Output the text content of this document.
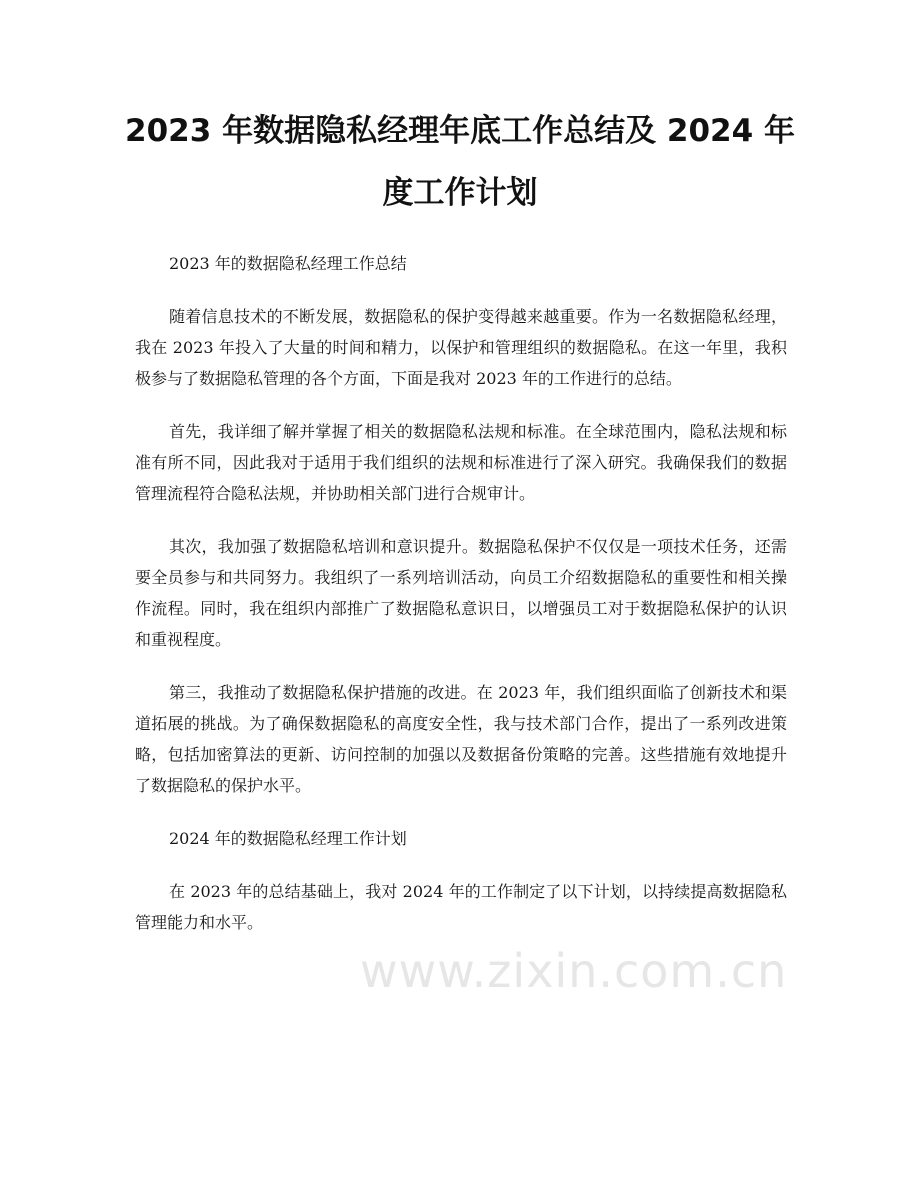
2023 年数据隐私经理年底工作总结及 2024 年度工作计划

2023 年的数据隐私经理工作总结

随着信息技术的不断发展，数据隐私的保护变得越来越重要。作为一名数据隐私经理，我在 2023 年投入了大量的时间和精力，以保护和管理组织的数据隐私。在这一年里，我积极参与了数据隐私管理的各个方面，下面是我对 2023 年的工作进行的总结。

首先，我详细了解并掌握了相关的数据隐私法规和标准。在全球范围内，隐私法规和标准有所不同，因此我对于适用于我们组织的法规和标准进行了深入研究。我确保我们的数据管理流程符合隐私法规，并协助相关部门进行合规审计。

其次，我加强了数据隐私培训和意识提升。数据隐私保护不仅仅是一项技术任务，还需要全员参与和共同努力。我组织了一系列培训活动，向员工介绍数据隐私的重要性和相关操作流程。同时，我在组织内部推广了数据隐私意识日，以增强员工对于数据隐私保护的认识和重视程度。

第三，我推动了数据隐私保护措施的改进。在 2023 年，我们组织面临了创新技术和渠道拓展的挑战。为了确保数据隐私的高度安全性，我与技术部门合作，提出了一系列改进策略，包括加密算法的更新、访问控制的加强以及数据备份策略的完善。这些措施有效地提升了数据隐私的保护水平。

2024 年的数据隐私经理工作计划

在 2023 年的总结基础上，我对 2024 年的工作制定了以下计划，以持续提高数据隐私管理能力和水平。

www.zixin.com.cn
